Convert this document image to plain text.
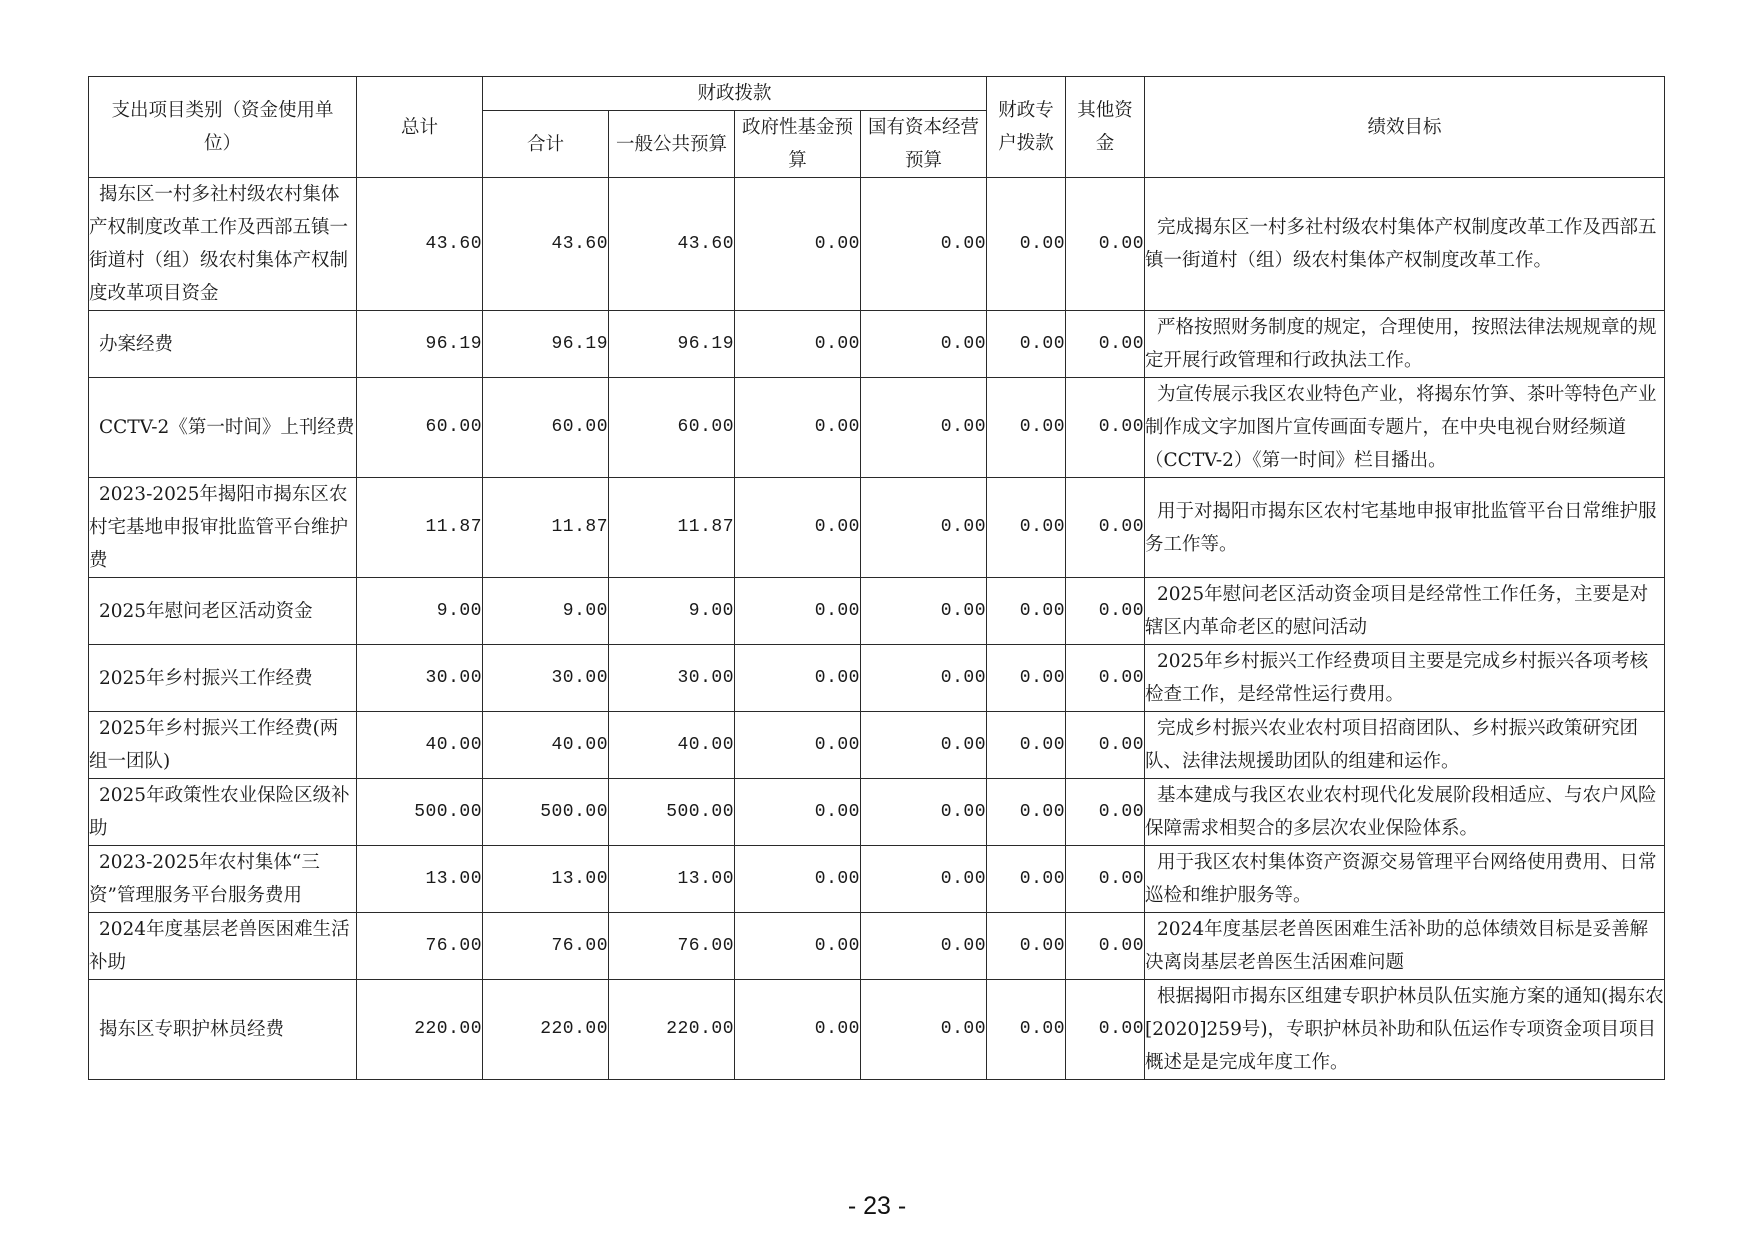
支出项目类别（资金使用单位）	总计	财政拨款				财政专户拨款	其他资金	绩效目标
		合计	一般公共预算	政府性基金预算	国有资本经营预算			
揭东区一村多社村级农村集体产权制度改革工作及西部五镇一街道村（组）级农村集体产权制度改革项目资金	43.60	43.60	43.60	0.00	0.00	0.00	0.00	完成揭东区一村多社村级农村集体产权制度改革工作及西部五镇一街道村（组）级农村集体产权制度改革工作。
办案经费	96.19	96.19	96.19	0.00	0.00	0.00	0.00	严格按照财务制度的规定，合理使用，按照法律法规规章的规定开展行政管理和行政执法工作。
CCTV-2《第一时间》上刊经费	60.00	60.00	60.00	0.00	0.00	0.00	0.00	为宣传展示我区农业特色产业，将揭东竹笋、茶叶等特色产业制作成文字加图片宣传画面专题片，在中央电视台财经频道（CCTV-2）《第一时间》栏目播出。
2023-2025年揭阳市揭东区农村宅基地申报审批监管平台维护费	11.87	11.87	11.87	0.00	0.00	0.00	0.00	用于对揭阳市揭东区农村宅基地申报审批监管平台日常维护服务工作等。
2025年慰问老区活动资金	9.00	9.00	9.00	0.00	0.00	0.00	0.00	2025年慰问老区活动资金项目是经常性工作任务，主要是对辖区内革命老区的慰问活动
2025年乡村振兴工作经费	30.00	30.00	30.00	0.00	0.00	0.00	0.00	2025年乡村振兴工作经费项目主要是完成乡村振兴各项考核检查工作，是经常性运行费用。
2025年乡村振兴工作经费(两组一团队)	40.00	40.00	40.00	0.00	0.00	0.00	0.00	完成乡村振兴农业农村项目招商团队、乡村振兴政策研究团队、法律法规援助团队的组建和运作。
2025年政策性农业保险区级补助	500.00	500.00	500.00	0.00	0.00	0.00	0.00	基本建成与我区农业农村现代化发展阶段相适应、与农户风险保障需求相契合的多层次农业保险体系。
2023-2025年农村集体“三资”管理服务平台服务费用	13.00	13.00	13.00	0.00	0.00	0.00	0.00	用于我区农村集体资产资源交易管理平台网络使用费用、日常巡检和维护服务等。
2024年度基层老兽医困难生活补助	76.00	76.00	76.00	0.00	0.00	0.00	0.00	2024年度基层老兽医困难生活补助的总体绩效目标是妥善解决离岗基层老兽医生活困难问题
揭东区专职护林员经费	220.00	220.00	220.00	0.00	0.00	0.00	0.00	根据揭阳市揭东区组建专职护林员队伍实施方案的通知(揭东农[2020]259号)，专职护林员补助和队伍运作专项资金项目项目概述是是完成年度工作。
- 23 -
